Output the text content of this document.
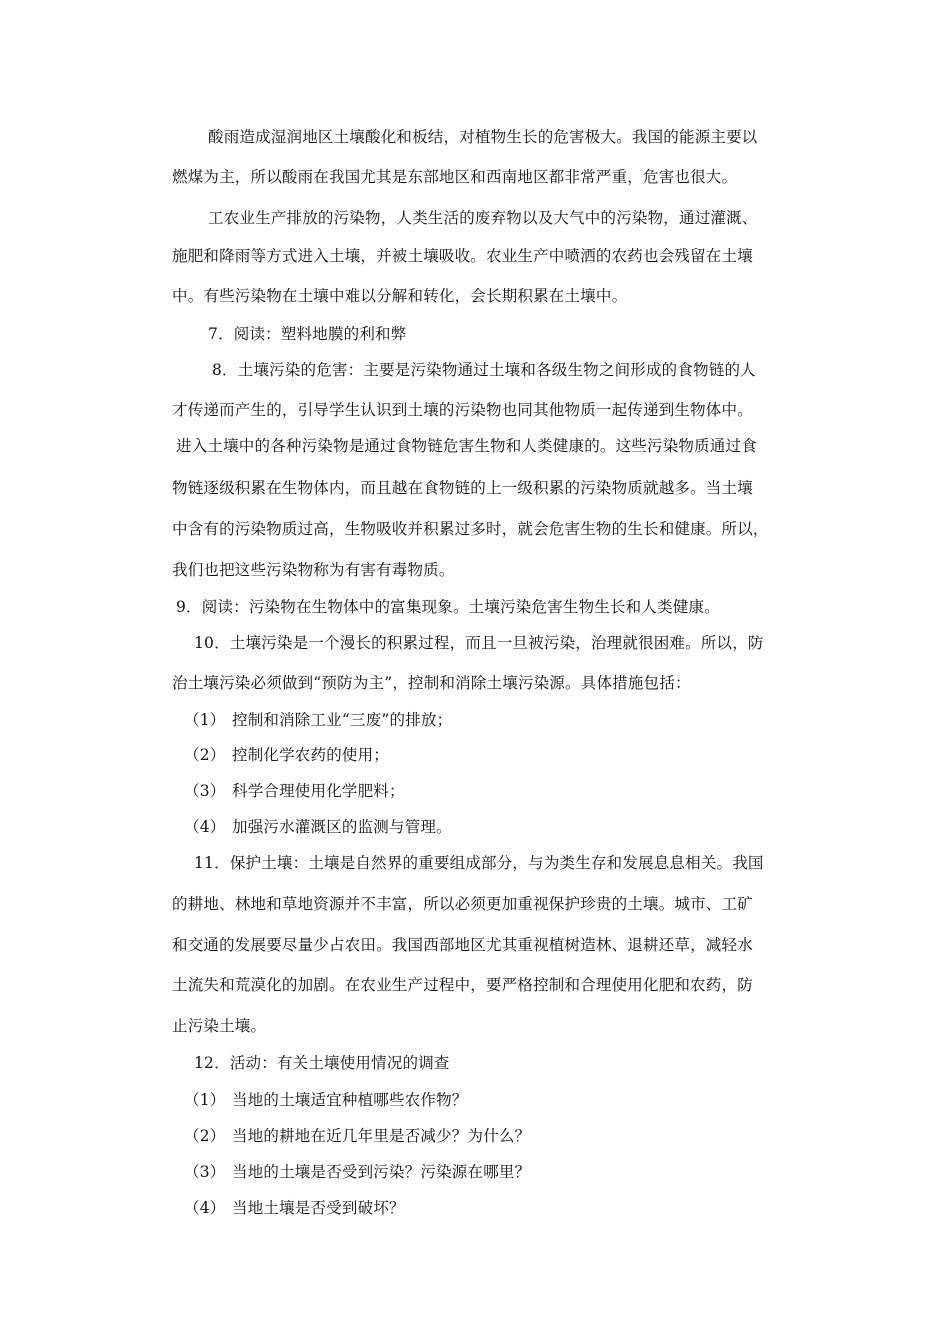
酸雨造成湿润地区土壤酸化和板结，对植物生长的危害极大。我国的能源主要以
燃煤为主，所以酸雨在我国尤其是东部地区和西南地区都非常严重，危害也很大。
工农业生产排放的污染物，人类生活的废弃物以及大气中的污染物，通过灌溉、
施肥和降雨等方式进入土壤，并被土壤吸收。农业生产中喷洒的农药也会残留在土壤
中。有些污染物在土壤中难以分解和转化，会长期积累在土壤中。
7．阅读：塑料地膜的利和弊
8．土壤污染的危害：主要是污染物通过土壤和各级生物之间形成的食物链的人
才传递而产生的，引导学生认识到土壤的污染物也同其他物质一起传递到生物体中。
进入土壤中的各种污染物是通过食物链危害生物和人类健康的。这些污染物质通过食
物链逐级积累在生物体内，而且越在食物链的上一级积累的污染物质就越多。当土壤
中含有的污染物质过高，生物吸收并积累过多时，就会危害生物的生长和健康。所以，
我们也把这些污染物称为有害有毒物质。
9．阅读：污染物在生物体中的富集现象。土壤污染危害生物生长和人类健康。
10．土壤污染是一个漫长的积累过程，而且一旦被污染，治理就很困难。所以，防
治土壤污染必须做到“预防为主”，控制和消除土壤污染源。具体措施包括：
（1） 控制和消除工业“三废”的排放；
（2） 控制化学农药的使用；
（3） 科学合理使用化学肥料；
（4） 加强污水灌溉区的监测与管理。
11．保护土壤：土壤是自然界的重要组成部分，与为类生存和发展息息相关。我国
的耕地、林地和草地资源并不丰富，所以必须更加重视保护珍贵的土壤。城市、工矿
和交通的发展要尽量少占农田。我国西部地区尤其重视植树造林、退耕还草，减轻水
土流失和荒漠化的加剧。在农业生产过程中，要严格控制和合理使用化肥和农药，防
止污染土壤。
12．活动：有关土壤使用情况的调查
（1） 当地的土壤适宜种植哪些农作物？
（2） 当地的耕地在近几年里是否减少？为什么？
（3） 当地的土壤是否受到污染？污染源在哪里？
（4） 当地土壤是否受到破坏？
